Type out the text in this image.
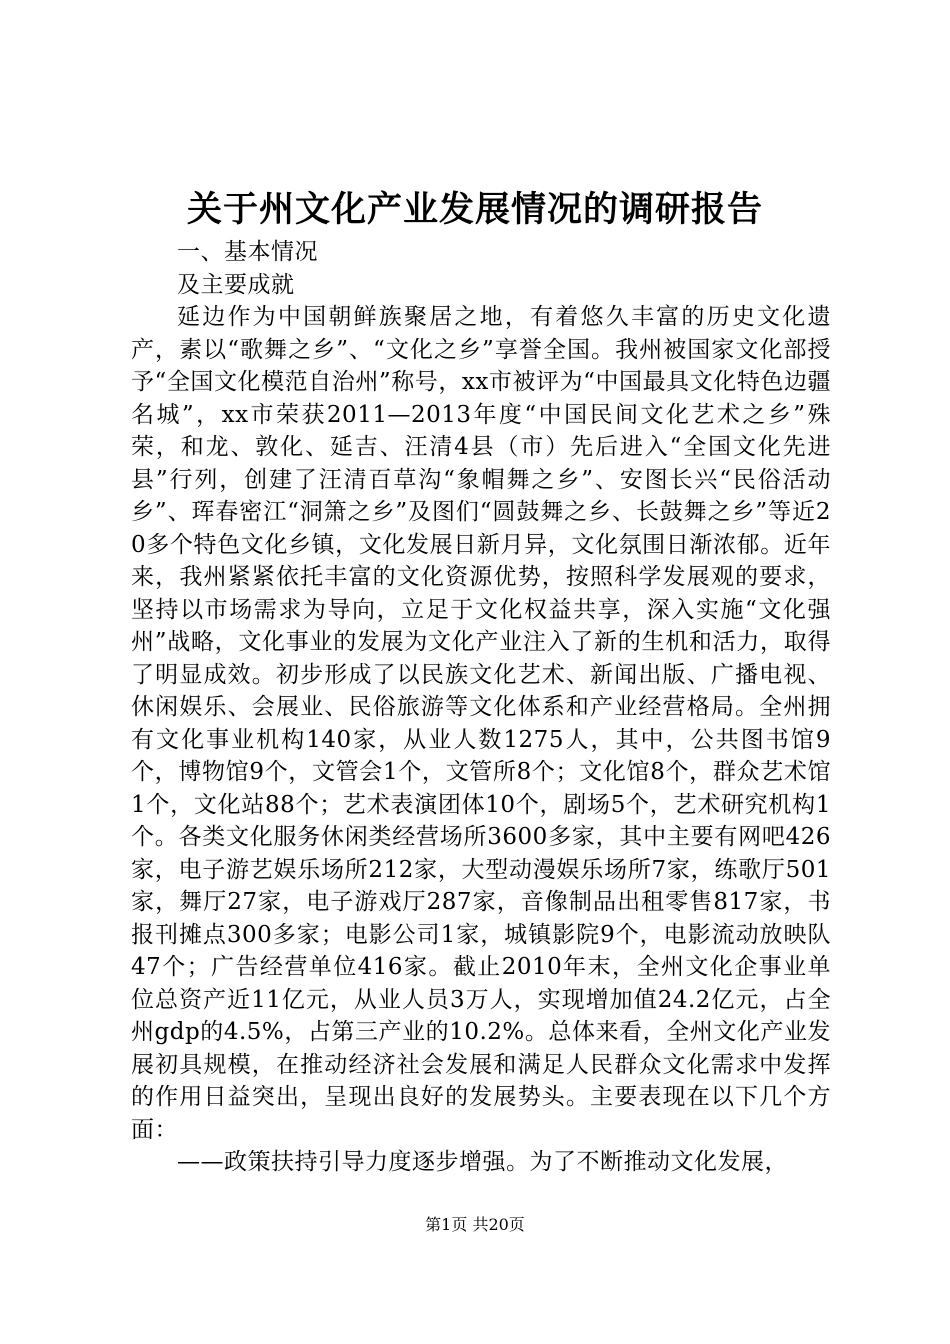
关于州文化产业发展情况的调研报告

一、基本情况

及主要成就

延边作为中国朝鲜族聚居之地，有着悠久丰富的历史文化遗产，素以“歌舞之乡”、“文化之乡”享誉全国。我州被国家文化部授予“全国文化模范自治州”称号，xx市被评为“中国最具文化特色边疆名城”，xx市荣获2011—2013年度“中国民间文化艺术之乡”殊荣，和龙、敦化、延吉、汪清4县（市）先后进入“全国文化先进县”行列，创建了汪清百草沟“象帽舞之乡”、安图长兴“民俗活动乡”、珲春密江“洞箫之乡”及图们“圆鼓舞之乡、长鼓舞之乡”等近20多个特色文化乡镇，文化发展日新月异，文化氛围日渐浓郁。近年来，我州紧紧依托丰富的文化资源优势，按照科学发展观的要求，坚持以市场需求为导向，立足于文化权益共享，深入实施“文化强州”战略，文化事业的发展为文化产业注入了新的生机和活力，取得了明显成效。初步形成了以民族文化艺术、新闻出版、广播电视、休闲娱乐、会展业、民俗旅游等文化体系和产业经营格局。全州拥有文化事业机构140家，从业人数1275人，其中，公共图书馆9个，博物馆9个，文管会1个，文管所8个；文化馆8个，群众艺术馆1个，文化站88个；艺术表演团体10个，剧场5个，艺术研究机构1个。各类文化服务休闲类经营场所3600多家，其中主要有网吧426家，电子游艺娱乐场所212家，大型动漫娱乐场所7家，练歌厅501家，舞厅27家，电子游戏厅287家，音像制品出租零售817家，书报刊摊点300多家；电影公司1家，城镇影院9个，电影流动放映队47个；广告经营单位416家。截止2010年末，全州文化企事业单位总资产近11亿元，从业人员3万人，实现增加值24.2亿元，占全州gdp的4.5%，占第三产业的10.2%。总体来看，全州文化产业发展初具规模，在推动经济社会发展和满足人民群众文化需求中发挥的作用日益突出，呈现出良好的发展势头。主要表现在以下几个方面：

——政策扶持引导力度逐步增强。为了不断推动文化发展，

第1页 共20页
